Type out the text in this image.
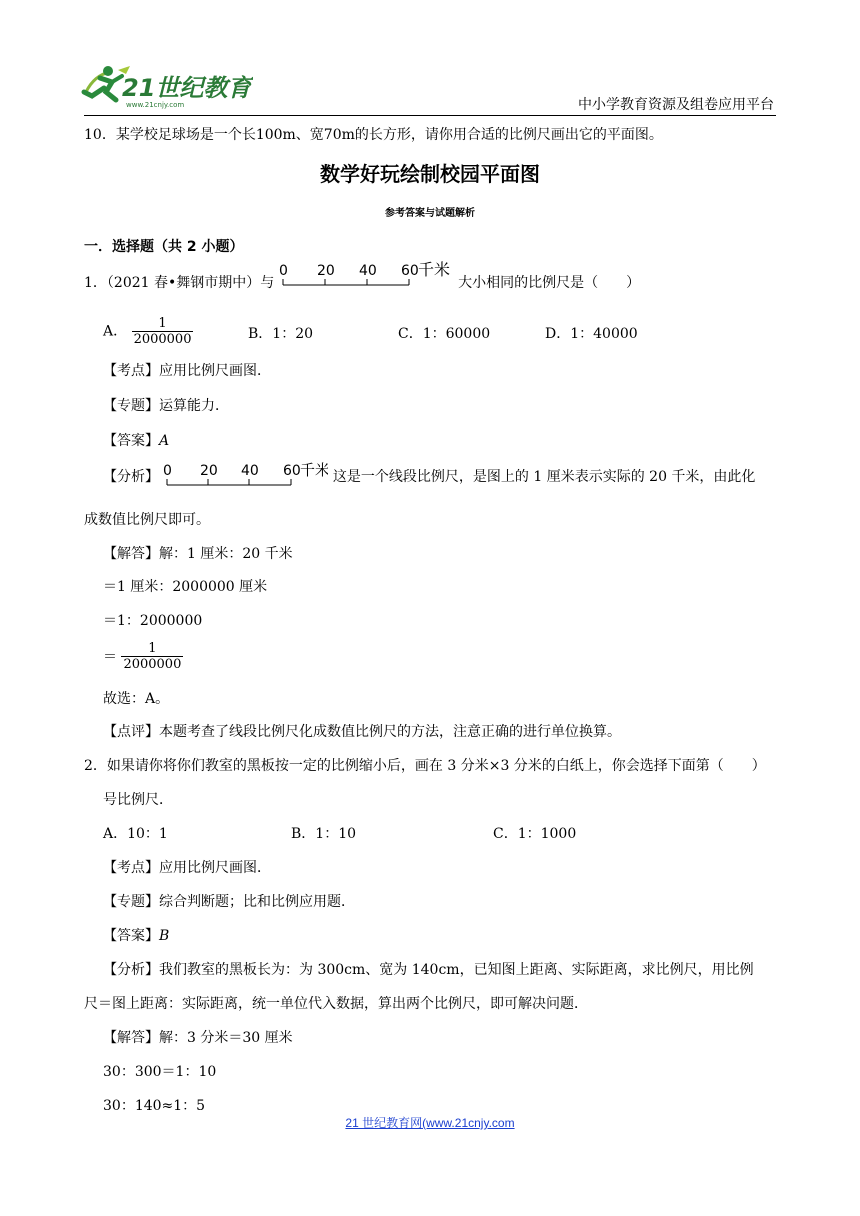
21世纪教育
www.21cnjy.com	中小学教育资源及组卷应用平台
10．某学校足球场是一个长100m、宽70m的长方形，请你用合适的比例尺画出它的平面图。
数学好玩绘制校园平面图
参考答案与试题解析
一．选择题（共 2 小题）
1．（2021 春•舞钢市期中）与
0 20 40 60 千米
大小相同的比例尺是（　　）
A． $\frac{1}{2000000}$	B．1：20	C．1：60000	D．1：40000
【考点】应用比例尺画图．
【专题】运算能力．
【答案】A
【分析】 0 20 40 60 千米 这是一个线段比例尺，是图上的 1 厘米表示实际的 20 千米，由此化
成数值比例尺即可。
【解答】解：1 厘米：20 千米
＝1 厘米：2000000 厘米
＝1：2000000
＝ $\frac{1}{2000000}$
故选：A。
【点评】本题考查了线段比例尺化成数值比例尺的方法，注意正确的进行单位换算。
2．如果请你将你们教室的黑板按一定的比例缩小后，画在 3 分米×3 分米的白纸上，你会选择下面第（　　）
号比例尺．
A．10：1	B．1：10	C．1：1000
【考点】应用比例尺画图．
【专题】综合判断题；比和比例应用题．
【答案】B
【分析】我们教室的黑板长为：为 300cm、宽为 140cm，已知图上距离、实际距离，求比例尺，用比例
尺＝图上距离：实际距离，统一单位代入数据，算出两个比例尺，即可解决问题．
【解答】解：3 分米＝30 厘米
30：300＝1：10
30：140≈1：5
21 世纪教育网(www.21cnjy.com
